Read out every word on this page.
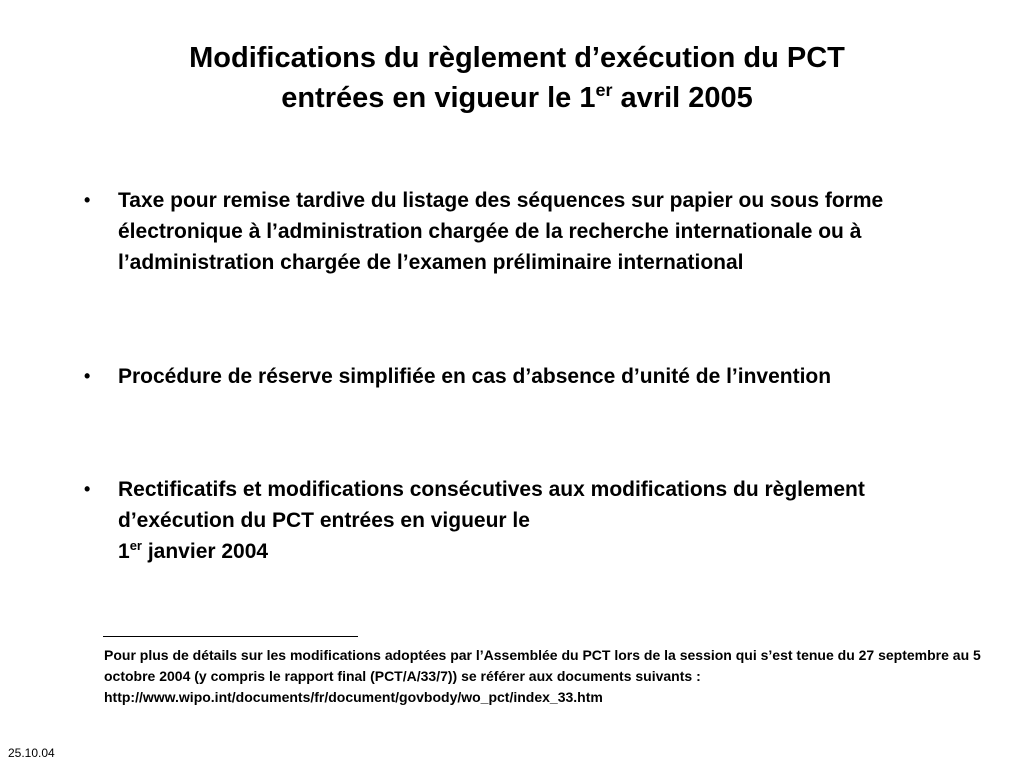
Modifications du règlement d’exécution du PCT
entrées en vigueur le 1er avril 2005
• Taxe pour remise tardive du listage des séquences sur papier ou sous forme électronique à l’administration chargée de la recherche internationale ou à l’administration chargée de l’examen préliminaire international
• Procédure de réserve simplifiée en cas d’absence d’unité de l’invention
• Rectificatifs et modifications consécutives aux modifications du règlement d’exécution du PCT entrées en vigueur le
1er janvier 2004
Pour plus de détails sur les modifications adoptées par l’Assemblée du PCT lors de la session qui s’est tenue du 27 septembre au 5 octobre 2004 (y compris le rapport final (PCT/A/33/7)) se référer aux documents suivants : http://www.wipo.int/documents/fr/document/govbody/wo_pct/index_33.htm
25.10.04
